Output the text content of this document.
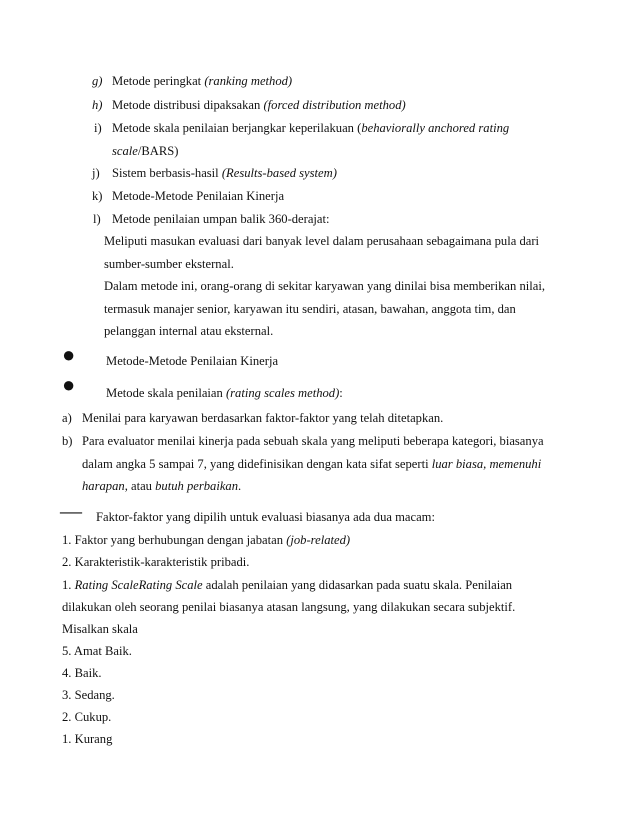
g) Metode peringkat (ranking method)
h) Metode distribusi dipaksakan (forced distribution method)
i) Metode skala penilaian berjangkar keperilakuan (behaviorally anchored rating
scale/BARS)
j) Sistem berbasis-hasil (Results-based system)
k) Metode-Metode Penilaian Kinerja
l) Metode penilaian umpan balik 360-derajat:
Meliputi masukan evaluasi dari banyak level dalam perusahaan sebagaimana pula dari
sumber-sumber eksternal.
Dalam metode ini, orang-orang di sekitar karyawan yang dinilai bisa memberikan nilai,
termasuk manajer senior, karyawan itu sendiri, atasan, bawahan, anggota tim, dan
pelanggan internal atau eksternal.
● Metode-Metode Penilaian Kinerja
● Metode skala penilaian (rating scales method):
a) Menilai para karyawan berdasarkan faktor-faktor yang telah ditetapkan.
b) Para evaluator menilai kinerja pada sebuah skala yang meliputi beberapa kategori, biasanya
dalam angka 5 sampai 7, yang didefinisikan dengan kata sifat seperti luar biasa, memenuhi
harapan, atau butuh perbaikan.
— Faktor-faktor yang dipilih untuk evaluasi biasanya ada dua macam:
1. Faktor yang berhubungan dengan jabatan (job-related)
2. Karakteristik-karakteristik pribadi.
1. Rating ScaleRating Scale adalah penilaian yang didasarkan pada suatu skala. Penilaian
dilakukan oleh seorang penilai biasanya atasan langsung, yang dilakukan secara subjektif.
Misalkan skala
5. Amat Baik.
4. Baik.
3. Sedang.
2. Cukup.
1. Kurang
